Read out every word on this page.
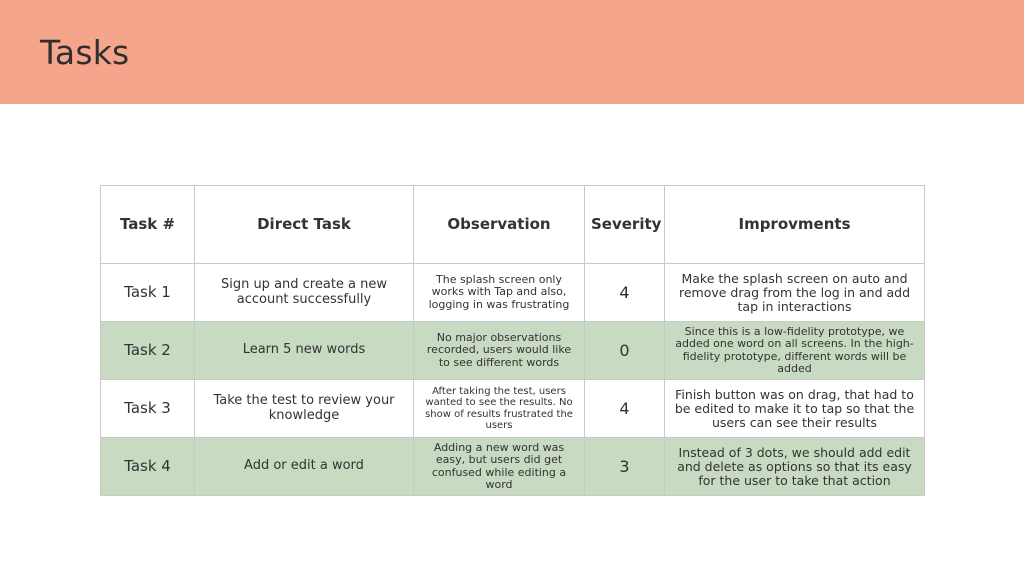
Tasks
Task #	Direct Task	Observation	Severity	Improvments
Task 1	Sign up and create a new account successfully	The splash screen only works with Tap and also, logging in was frustrating	4	Make the splash screen on auto and remove drag from the log in and add tap in interactions
Task 2	Learn 5 new words	No major observations recorded, users would like to see different words	0	Since this is a low-fidelity prototype, we added one word on all screens. In the high-fidelity prototype, different words will be added
Task 3	Take the test to review your knowledge	After taking the test, users wanted to see the results. No show of results frustrated the users	4	Finish button was on drag, that had to be edited to make it to tap so that the users can see their results
Task 4	Add or edit a word	Adding a new word was easy, but users did get confused while editing a word	3	Instead of 3 dots, we should add edit and delete as options so that its easy for the user to take that action
